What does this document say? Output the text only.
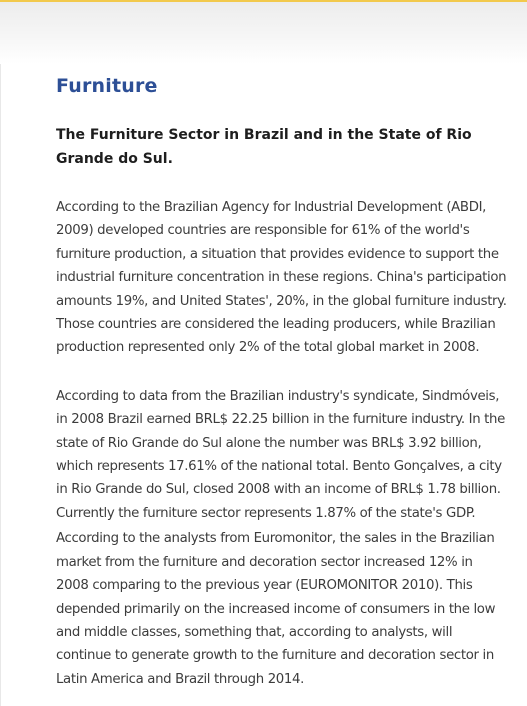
Furniture
The Furniture Sector in Brazil and in the State of Rio Grande do Sul.

According to the Brazilian Agency for Industrial Development (ABDI, 2009) developed countries are responsible for 61% of the world's furniture production, a situation that provides evidence to support the industrial furniture concentration in these regions. China's participation amounts 19%, and United States', 20%, in the global furniture industry. Those countries are considered the leading producers, while Brazilian production represented only 2% of the total global market in 2008.

According to data from the Brazilian industry's syndicate, Sindmóveis, in 2008 Brazil earned BRL$ 22.25 billion in the furniture industry. In the state of Rio Grande do Sul alone the number was BRL$ 3.92 billion, which represents 17.61% of the national total. Bento Gonçalves, a city in Rio Grande do Sul, closed 2008 with an income of BRL$ 1.78 billion. Currently the furniture sector represents 1.87% of the state's GDP.

According to the analysts from Euromonitor, the sales in the Brazilian market from the furniture and decoration sector increased 12% in 2008 comparing to the previous year (EUROMONITOR 2010). This depended primarily on the increased income of consumers in the low and middle classes, something that, according to analysts, will continue to generate growth to the furniture and decoration sector in Latin America and Brazil through 2014.
